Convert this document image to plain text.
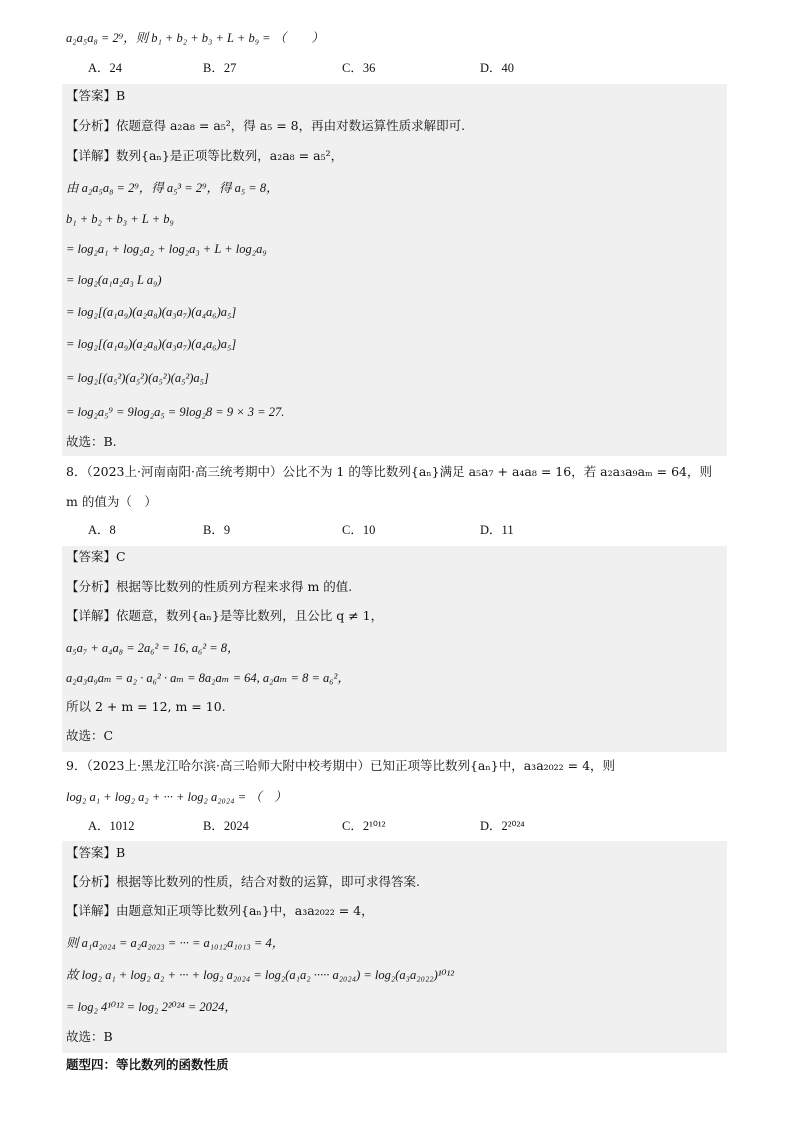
a₂a₅a₈ = 2⁹，则 b₁ + b₂ + b₃ + L + b₉ = （　　）
A．24	B．27	C．36	D．40
【答案】B
【分析】依题意得 a₂a₈ = a₅²，得 a₅ = 8，再由对数运算性质求解即可.
【详解】数列{aₙ}是正项等比数列，a₂a₈ = a₅²，
由 a₂a₅a₈ = 2⁹，得 a₅³ = 2⁹，得 a₅ = 8，
b₁ + b₂ + b₃ + L + b₉
= log₂a₁ + log₂a₂ + log₂a₃ + L + log₂a₉
= log₂(a₁a₂a₃ L a₉)
= log₂[(a₁a₉)(a₂a₈)(a₃a₇)(a₄a₆)a₅]
= log₂[(a₁a₉)(a₂a₈)(a₃a₇)(a₄a₆)a₅]
= log₂[(a₅²)(a₅²)(a₅²)(a₅²)a₅]
= log₂a₅⁹ = 9log₂a₅ = 9log₂8 = 9 × 3 = 27.
故选：B.
8．（2023上·河南南阳·高三统考期中）公比不为 1 的等比数列{aₙ}满足 a₅a₇ + a₄a₈ = 16，若 a₂a₃a₉aₘ = 64，则
m 的值为（　）
A．8	B．9	C．10	D．11
【答案】C
【分析】根据等比数列的性质列方程来求得 m 的值.
【详解】依题意，数列{aₙ}是等比数列，且公比 q ≠ 1，
a₅a₇ + a₄a₈ = 2a₆² = 16, a₆² = 8，
a₂a₃a₉aₘ = a₂ · a₆² · aₘ = 8a₂aₘ = 64, a₂aₘ = 8 = a₆²，
所以 2 + m = 12, m = 10.
故选：C
9．（2023上·黑龙江哈尔滨·高三哈师大附中校考期中）已知正项等比数列{aₙ}中，a₃a₂₀₂₂ = 4，则
log₂ a₁ + log₂ a₂ + ··· + log₂ a₂₀₂₄ = （　）
A．1012	B．2024	C．2¹⁰¹²	D．2²⁰²⁴
【答案】B
【分析】根据等比数列的性质，结合对数的运算，即可求得答案.
【详解】由题意知正项等比数列{aₙ}中，a₃a₂₀₂₂ = 4，
则 a₁a₂₀₂₄ = a₂a₂₀₂₃ = ··· = a₁₀₁₂a₁₀₁₃ = 4，
故 log₂ a₁ + log₂ a₂ + ··· + log₂ a₂₀₂₄ = log₂(a₁a₂ ····· a₂₀₂₄) = log₂(a₃a₂₀₂₂)¹⁰¹²
= log₂ 4¹⁰¹² = log₂ 2²⁰²⁴ = 2024，
故选：B
题型四：等比数列的函数性质
